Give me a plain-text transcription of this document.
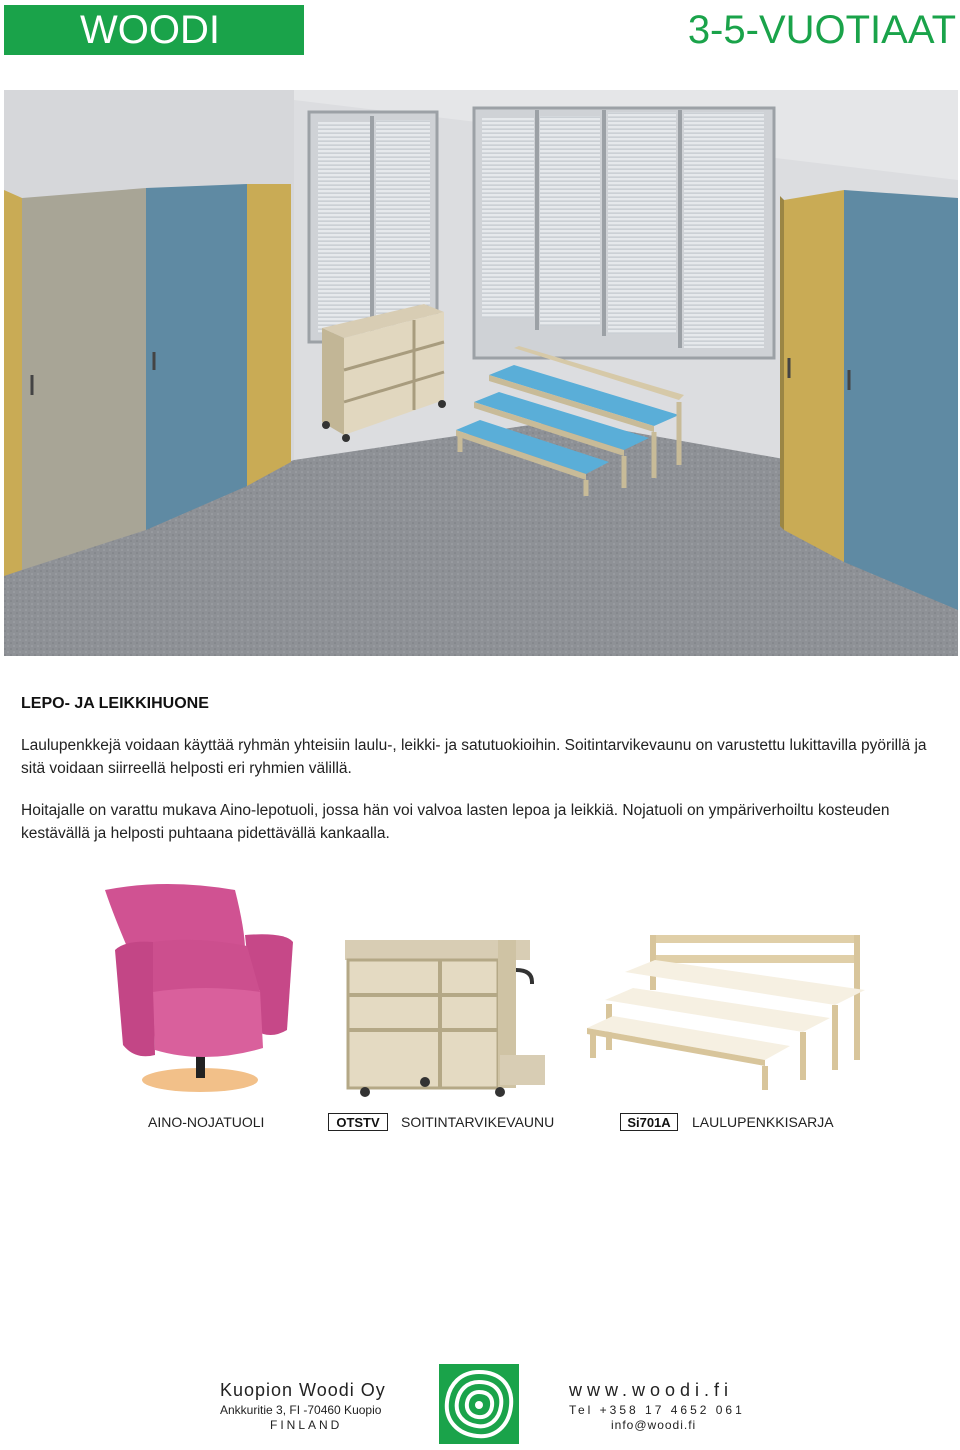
WOODI	3-5-VUOTIAAT
LEPO- JA LEIKKIHUONE
Laulupenkkejä voidaan käyttää ryhmän yhteisiin laulu-, leikki- ja satutuokioihin. Soitintarvikevaunu on varustettu lukittavilla pyörillä ja sitä voidaan siirreellä helposti eri ryhmien välillä.
Hoitajalle on varattu mukava Aino-lepotuoli, jossa hän voi valvoa lasten lepoa ja leikkiä. Nojatuoli on ympäriverhoiltu kosteuden kestävällä ja helposti puhtaana pidettävällä kankaalla.
AINO-NOJATUOLI	OTSTV	SOITINTARVIKEVAUNU	Si701A	LAULUPENKKISARJA
Kuopion Woodi Oy
Ankkuritie 3, FI -70460 Kuopio
FINLAND
www.woodi.fi
Tel +358 17 4652 061
info@woodi.fi
